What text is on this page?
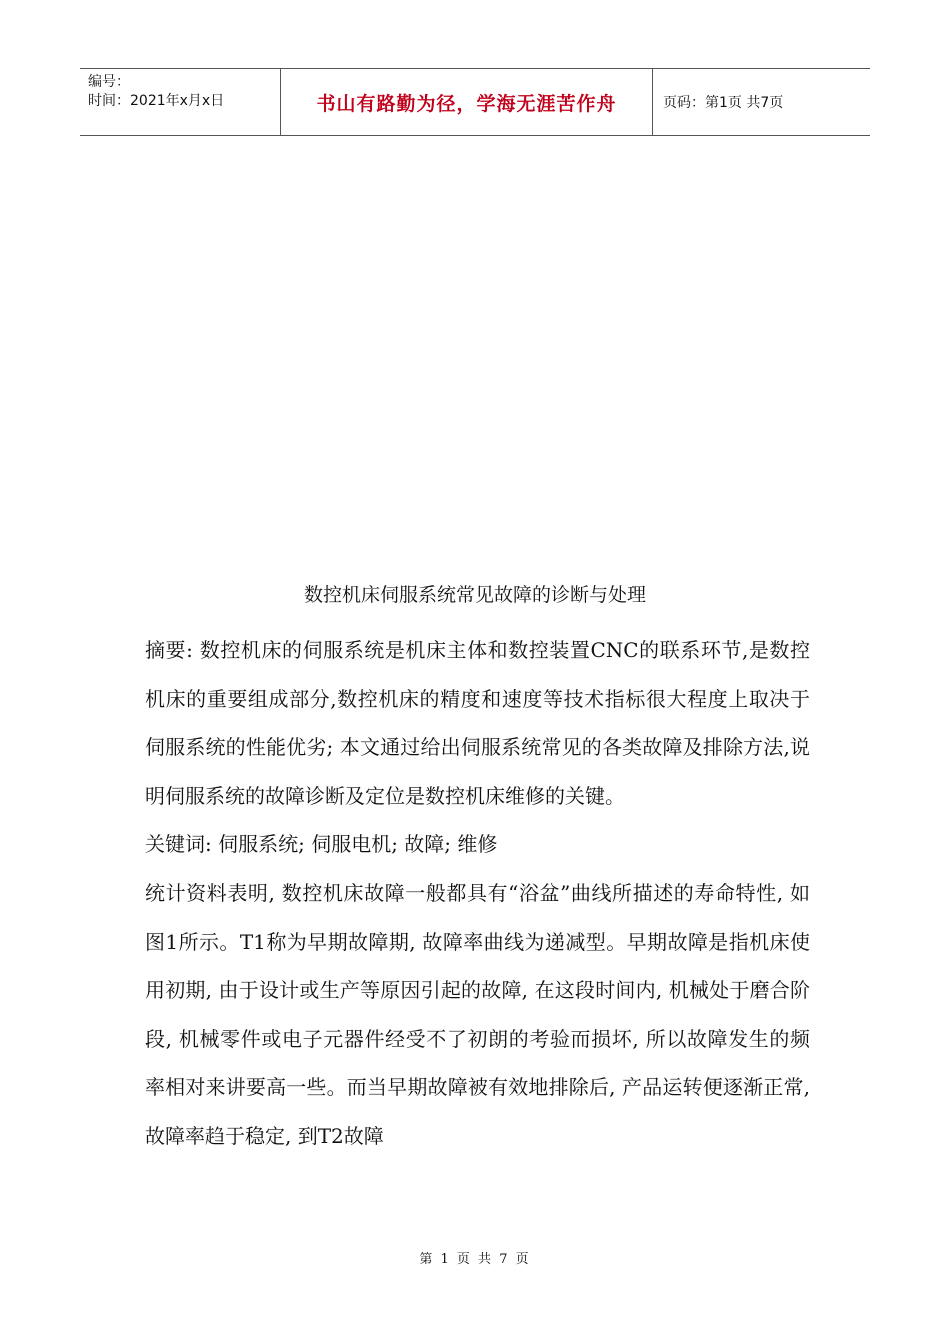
编号：
时间：2021年x月x日	书山有路勤为径，学海无涯苦作舟	页码：第1页 共7页
数控机床伺服系统常见故障的诊断与处理

摘要: 数控机床的伺服系统是机床主体和数控装置CNC的联系环节,是数控机床的重要组成部分,数控机床的精度和速度等技术指标很大程度上取决于伺服系统的性能优劣; 本文通过给出伺服系统常见的各类故障及排除方法,说明伺服系统的故障诊断及定位是数控机床维修的关键。

关键词: 伺服系统; 伺服电机; 故障; 维修

统计资料表明, 数控机床故障一般都具有“浴盆”曲线所描述的寿命特性, 如图1所示。T1称为早期故障期, 故障率曲线为递减型。早期故障是指机床使用初期, 由于设计或生产等原因引起的故障, 在这段时间内, 机械处于磨合阶段, 机械零件或电子元器件经受不了初朗的考验而损坏, 所以故障发生的频率相对来讲要高一些。而当早期故障被有效地排除后, 产品运转便逐渐正常, 故障率趋于稳定, 到T2故障

第 1 页 共 7 页
